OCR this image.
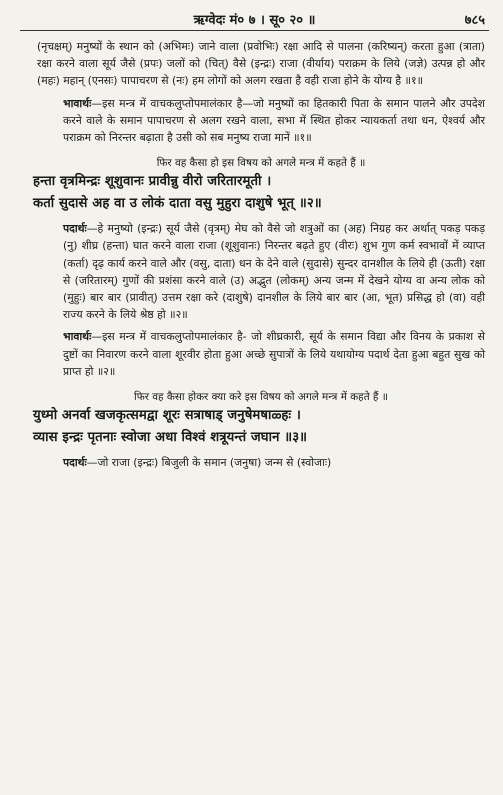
ऋग्वेदः मं० ७ । सू० २० ॥	७८५

(नृचक्षम्) मनुष्यों के स्थान को (अभिमः) जाने वाला (प्रवोभिः) रक्षा आदि से पालना (करिष्यन्) करता हुआ (त्राता) रक्षा करने वाला सूर्य जैसे (प्रपः) जलों को (चित्) वैसे (इन्द्रः) राजा (वीर्याय) पराक्रम के लिये (जज्ञे) उत्पन्न हो और (महः) महान् (एनसः) पापाचरण से (नः) हम लोगों को अलग रखता है वही राजा होने के योग्य है ॥१॥

भावार्थः—इस मन्त्र में वाचकलुप्तोपमालंकार है—जो मनुष्यों का हितकारी पिता के समान पालने और उपदेश करने वाले के समान पापाचरण से अलग रखने वाला, सभा में स्थित होकर न्यायकर्ता तथा धन, ऐश्वर्य और पराक्रम को निरन्तर बढ़ाता है उसी को सब मनुष्य राजा मानें ॥१॥

फिर वह कैसा हो इस विषय को अगले मन्त्र में कहते हैं ॥

हन्ता वृत्रमिन्द्रः शूशुवानः प्रावीन्नु वीरो जरितारमूती ।

कर्ता सुदासे अह वा उ लोकं दाता वसु मुहुरा दाशुषे भूत् ॥२॥

पदार्थः—हे मनुष्यो (इन्द्रः) सूर्य जैसे (वृत्रम्) मेघ को वैसे जो शत्रुओं का (अह) निग्रह कर अर्थात् पकड़ पकड़ (नु) शीघ्र (हन्ता) घात करने वाला राजा (शूशुवानः) निरन्तर बढ़ते हुए (वीरः) शुभ गुण कर्म स्वभावों में व्याप्त (कर्ता) दृढ़ कार्य करने वाले और (वसु, दाता) धन के देने वाले (सुदासे) सुन्दर दानशील के लिये ही (ऊती) रक्षा से (जरितारम्) गुणों की प्रशंसा करने वाले (उ) अद्भुत (लोकम्) अन्य जन्म में देखने योग्य वा अन्य लोक को (मुहुः) बार बार (प्रावीत्) उत्तम रक्षा करे (दाशुषे) दानशील के लिये बार बार (आ, भूत) प्रसिद्ध हो (वा) वही राज्य करने के लिये श्रेष्ठ हो ॥२॥

भावार्थः—इस मन्त्र में वाचकलुप्तोपमालंकार है- जो शीघ्रकारी, सूर्य के समान विद्या और विनय के प्रकाश से दुष्टों का निवारण करने वाला शूरवीर होता हुआ अच्छे सुपात्रों के लिये यथायोग्य पदार्थ देता हुआ बहुत सुख को प्राप्त हो ॥२॥

फिर वह कैसा होकर क्या करे इस विषय को अगले मन्त्र में कहते हैं ॥

युध्मो अनर्वा खजकृत्समद्वा शूरः सत्राषाड् जनुषेमषाळ्हः ।

व्यास इन्द्रः पृतनाः स्वोजा अधा विश्वं शत्रूयन्तं जघान ॥३॥

पदार्थः—जो राजा (इन्द्रः) बिजुली के समान (जनुषा) जन्म से (स्वोजाः)
